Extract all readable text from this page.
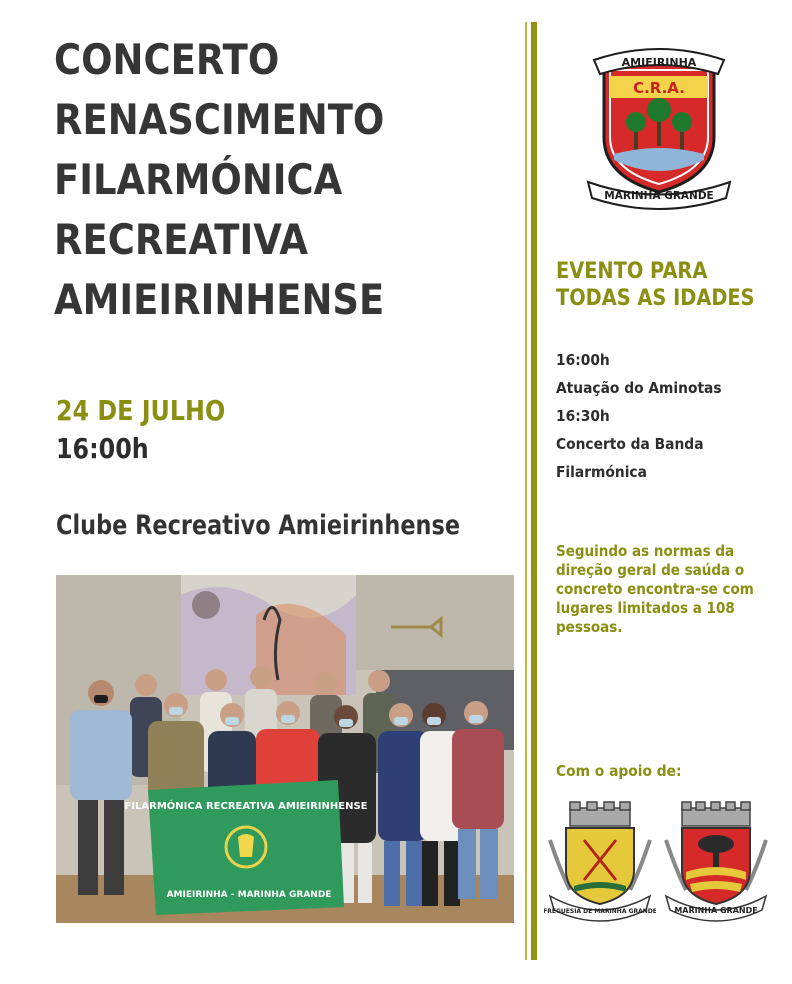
CONCERTO
RENASCIMENTO
FILARMÓNICA
RECREATIVA
AMIEIRINHENSE
24 DE JULHO
16:00h
Clube Recreativo Amieirinhense
FILARMÓNICA RECREATIVA AMIEIRINHENSE
AMIEIRINHA - MARINHA GRANDE
C.R.A.
AMIEIRINHA
MARINHA GRANDE
EVENTO PARA
TODAS AS IDADES
16:00h
Atuação do Aminotas
16:30h
Concerto da Banda
Filarmónica
Seguindo as normas da
direção geral de saúda o
concreto encontra-se com
lugares limitados a 108
pessoas.
Com o apoio de:
FREGUESIA DE MARINHA GRANDE MARINHA GRANDE
